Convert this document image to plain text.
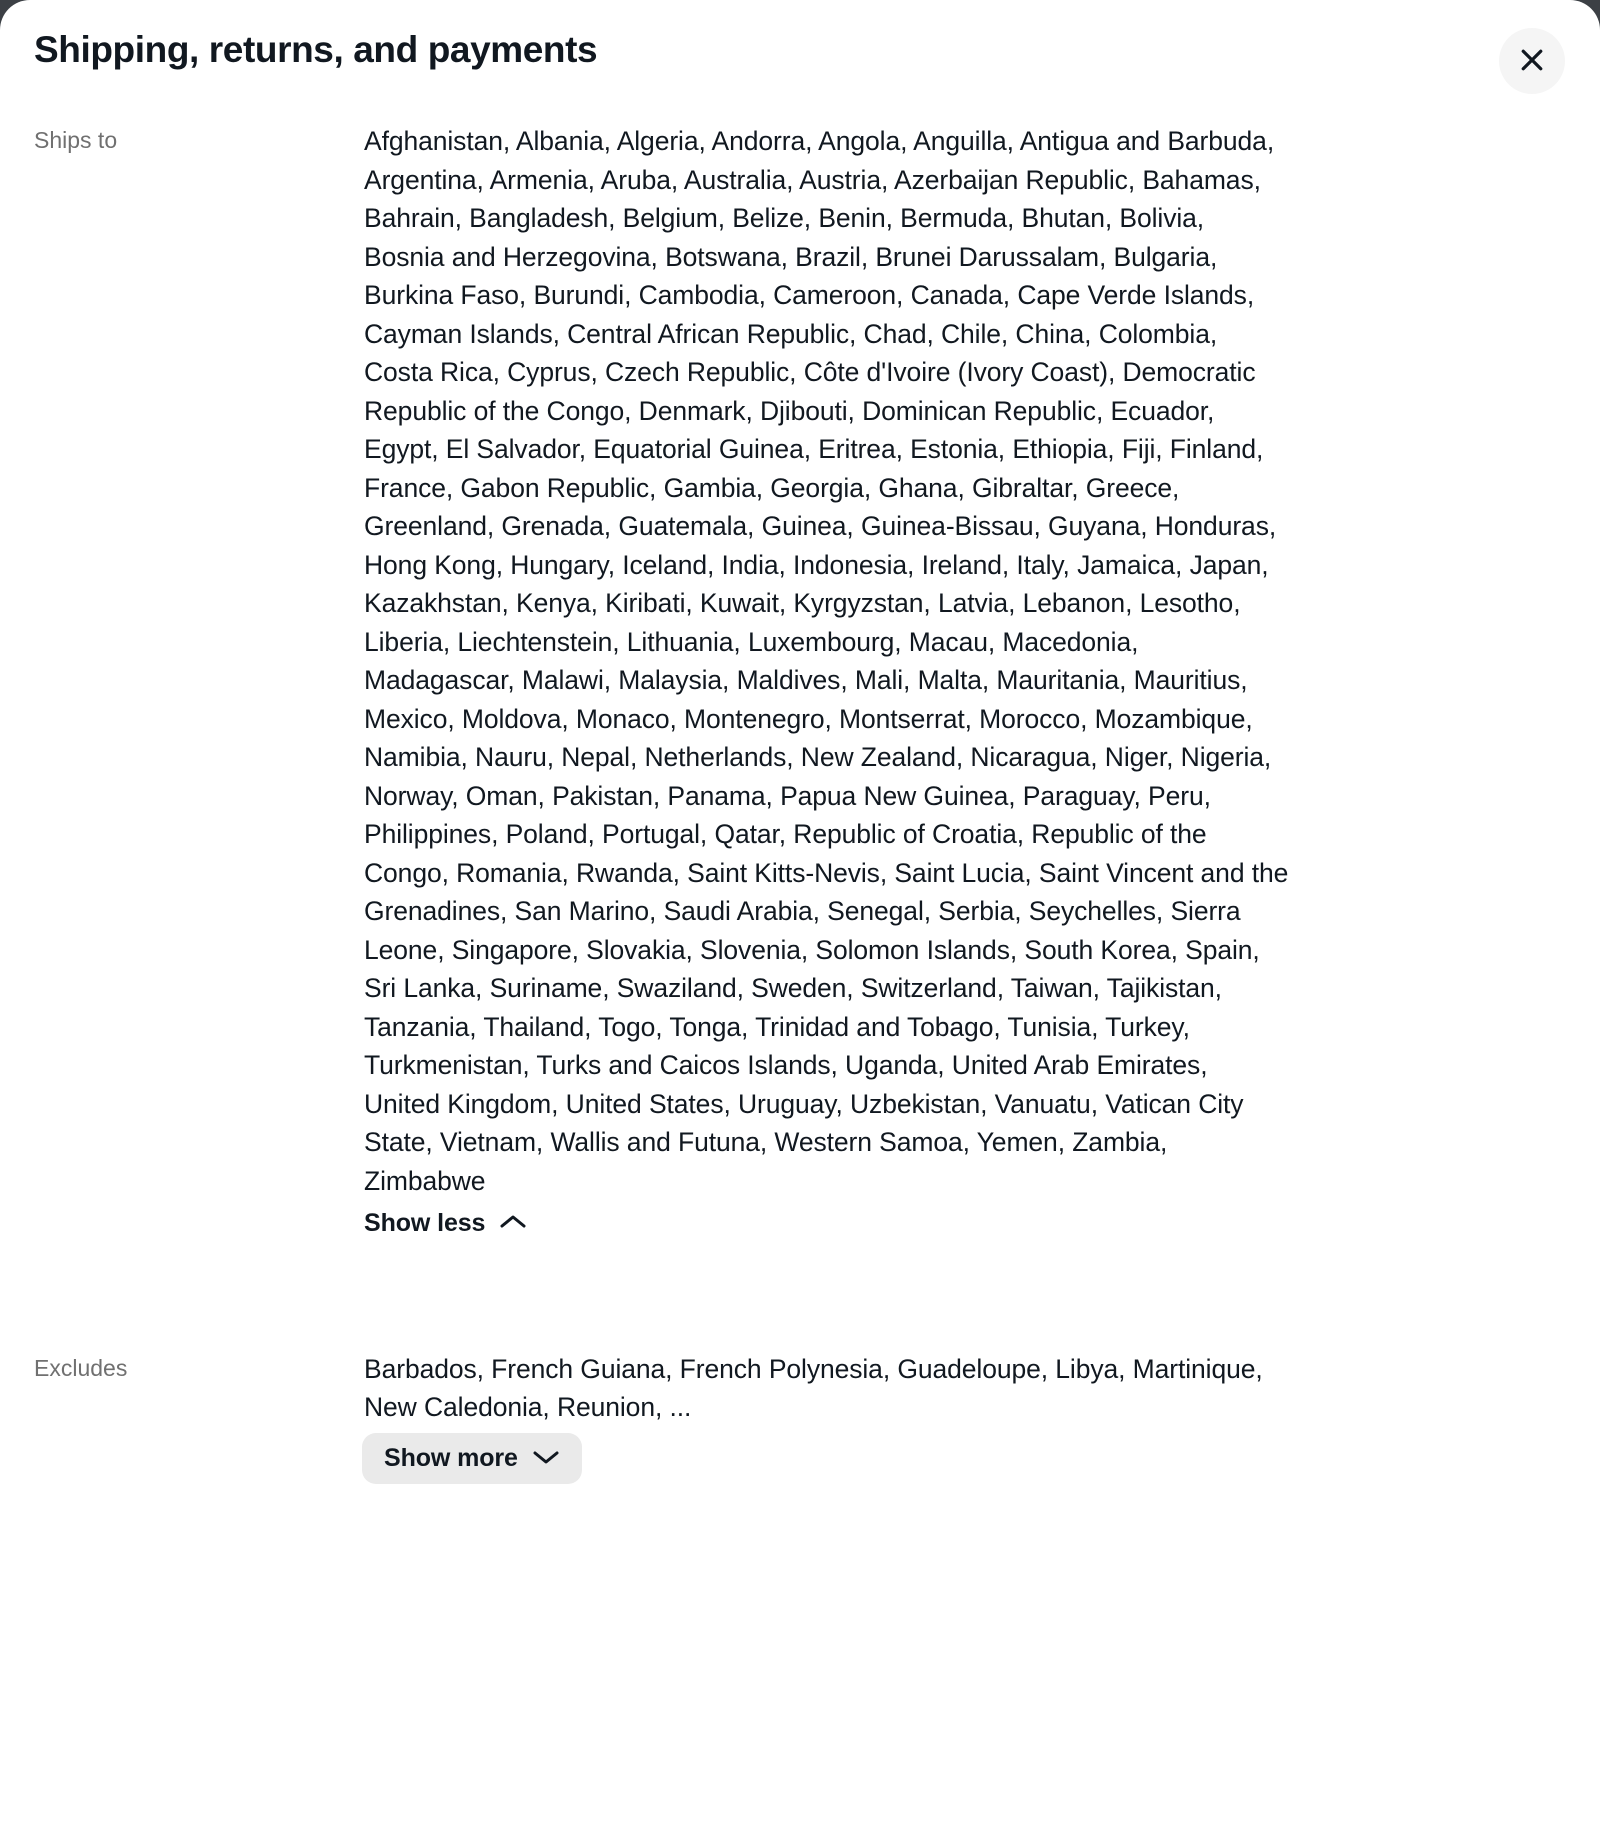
Shipping, returns, and payments
Ships to	Afghanistan, Albania, Algeria, Andorra, Angola, Anguilla, Antigua and Barbuda, Argentina, Armenia, Aruba, Australia, Austria, Azerbaijan Republic, Bahamas, Bahrain, Bangladesh, Belgium, Belize, Benin, Bermuda, Bhutan, Bolivia, Bosnia and Herzegovina, Botswana, Brazil, Brunei Darussalam, Bulgaria, Burkina Faso, Burundi, Cambodia, Cameroon, Canada, Cape Verde Islands, Cayman Islands, Central African Republic, Chad, Chile, China, Colombia, Costa Rica, Cyprus, Czech Republic, Côte d'Ivoire (Ivory Coast), Democratic Republic of the Congo, Denmark, Djibouti, Dominican Republic, Ecuador, Egypt, El Salvador, Equatorial Guinea, Eritrea, Estonia, Ethiopia, Fiji, Finland, France, Gabon Republic, Gambia, Georgia, Ghana, Gibraltar, Greece, Greenland, Grenada, Guatemala, Guinea, Guinea-Bissau, Guyana, Honduras, Hong Kong, Hungary, Iceland, India, Indonesia, Ireland, Italy, Jamaica, Japan, Kazakhstan, Kenya, Kiribati, Kuwait, Kyrgyzstan, Latvia, Lebanon, Lesotho, Liberia, Liechtenstein, Lithuania, Luxembourg, Macau, Macedonia, Madagascar, Malawi, Malaysia, Maldives, Mali, Malta, Mauritania, Mauritius, Mexico, Moldova, Monaco, Montenegro, Montserrat, Morocco, Mozambique, Namibia, Nauru, Nepal, Netherlands, New Zealand, Nicaragua, Niger, Nigeria, Norway, Oman, Pakistan, Panama, Papua New Guinea, Paraguay, Peru, Philippines, Poland, Portugal, Qatar, Republic of Croatia, Republic of the Congo, Romania, Rwanda, Saint Kitts-Nevis, Saint Lucia, Saint Vincent and the Grenadines, San Marino, Saudi Arabia, Senegal, Serbia, Seychelles, Sierra Leone, Singapore, Slovakia, Slovenia, Solomon Islands, South Korea, Spain, Sri Lanka, Suriname, Swaziland, Sweden, Switzerland, Taiwan, Tajikistan, Tanzania, Thailand, Togo, Tonga, Trinidad and Tobago, Tunisia, Turkey, Turkmenistan, Turks and Caicos Islands, Uganda, United Arab Emirates, United Kingdom, United States, Uruguay, Uzbekistan, Vanuatu, Vatican City State, Vietnam, Wallis and Futuna, Western Samoa, Yemen, Zambia, Zimbabwe
Show less
Excludes	Barbados, French Guiana, French Polynesia, Guadeloupe, Libya, Martinique, New Caledonia, Reunion, ...
Show more
